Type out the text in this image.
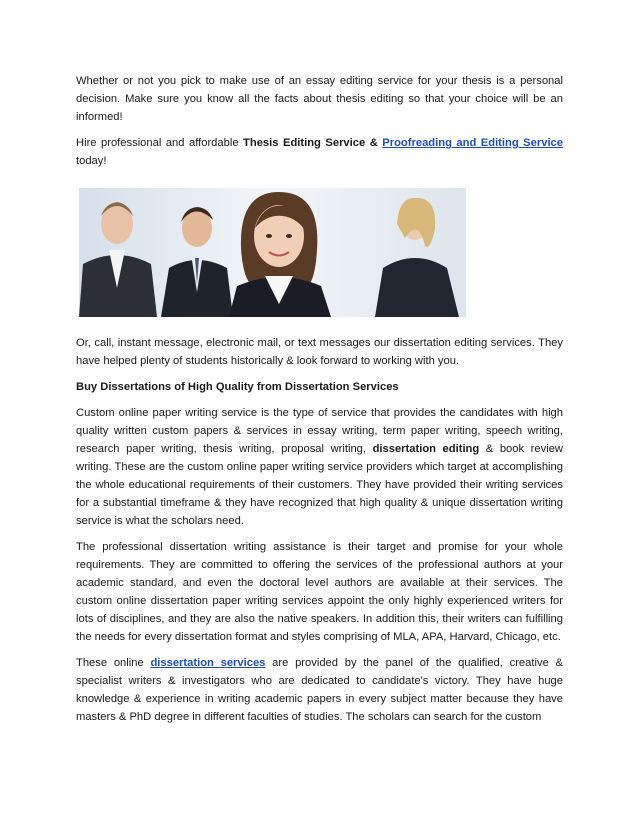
Whether or not you pick to make use of an essay editing service for your thesis is a personal decision. Make sure you know all the facts about thesis editing so that your choice will be an informed!

Hire professional and affordable Thesis Editing Service & Proofreading and Editing Service today!

Or, call, instant message, electronic mail, or text messages our dissertation editing services. They have helped plenty of students historically & look forward to working with you.

Buy Dissertations of High Quality from Dissertation Services

Custom online paper writing service is the type of service that provides the candidates with high quality written custom papers & services in essay writing, term paper writing, speech writing, research paper writing, thesis writing, proposal writing, dissertation editing & book review writing. These are the custom online paper writing service providers which target at accomplishing the whole educational requirements of their customers. They have provided their writing services for a substantial timeframe & they have recognized that high quality & unique dissertation writing service is what the scholars need.

The professional dissertation writing assistance is their target and promise for your whole requirements. They are committed to offering the services of the professional authors at your academic standard, and even the doctoral level authors are available at their services. The custom online dissertation paper writing services appoint the only highly experienced writers for lots of disciplines, and they are also the native speakers. In addition this, their writers can fulfilling the needs for every dissertation format and styles comprising of MLA, APA, Harvard, Chicago, etc.

These online dissertation services are provided by the panel of the qualified, creative & specialist writers & investigators who are dedicated to candidate's victory. They have huge knowledge & experience in writing academic papers in every subject matter because they have masters & PhD degree in different faculties of studies. The scholars can search for the custom
